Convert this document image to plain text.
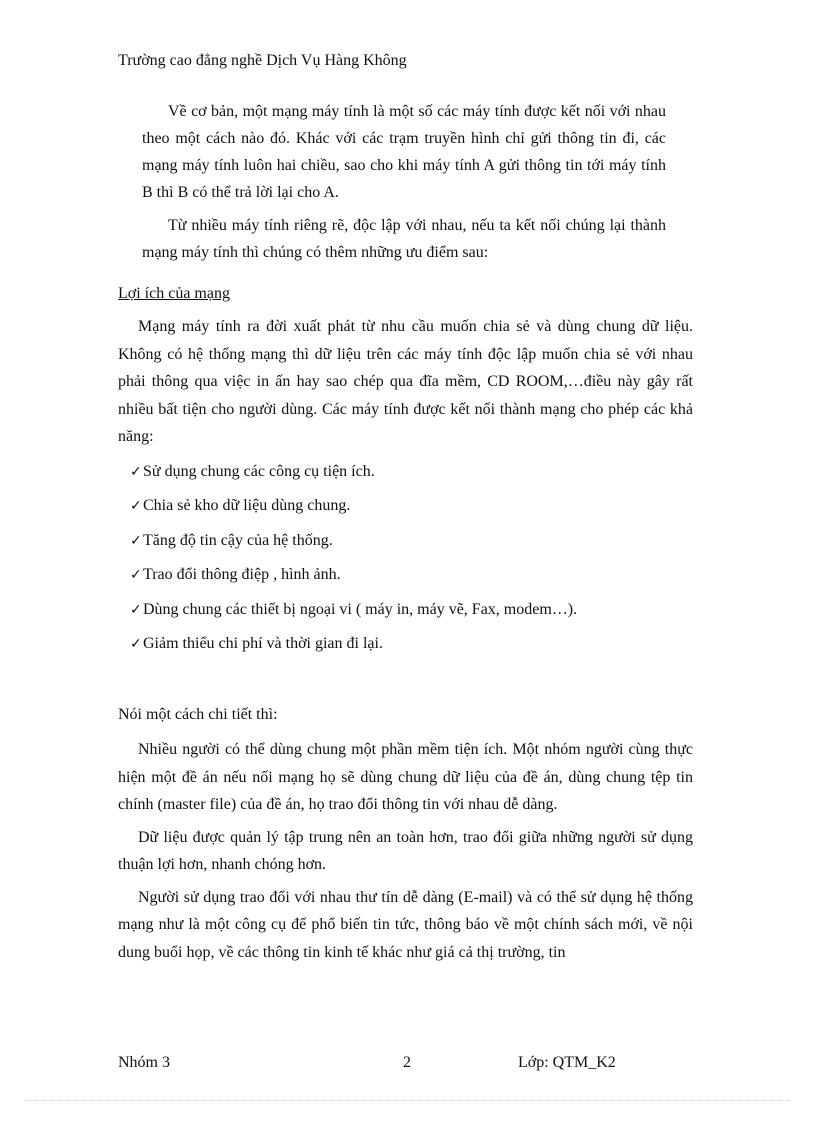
Trường cao đẳng nghề Dịch Vụ Hàng Không

Về cơ bản, một mạng máy tính là một số các máy tính được kết nối với nhau theo một cách nào đó. Khác với các trạm truyền hình chỉ gửi thông tin đi, các mạng máy tính luôn hai chiều, sao cho khi máy tính A gửi thông tin tới máy tính B thì B có thể trả lời lại cho A.

Từ nhiều máy tính riêng rẽ, độc lập với nhau, nếu ta kết nối chúng lại thành mạng máy tính thì chúng có thêm những ưu điểm sau:

Lợi ích của mạng

Mạng máy tính ra đời xuất phát từ nhu cầu muốn chia sẻ và dùng chung dữ liệu. Không có hệ thống mạng thì dữ liệu trên các máy tính độc lập muốn chia sẻ với nhau phải thông qua việc in ấn hay sao chép qua đĩa mềm, CD ROOM,…điều này gây rất nhiều bất tiện cho người dùng. Các máy tính được kết nối thành mạng cho phép các khả năng:

✓Sử dụng chung các công cụ tiện ích.
✓Chia sẻ kho dữ liệu dùng chung.
✓Tăng độ tin cậy của hệ thống.
✓Trao đổi thông điệp , hình ảnh.
✓Dùng chung các thiết bị ngoại vi ( máy in, máy vẽ, Fax, modem…).
✓Giảm thiểu chi phí và thời gian đi lại.
Nói một cách chi tiết thì:

Nhiều người có thể dùng chung một phần mềm tiện ích. Một nhóm người cùng thực hiện một đề án nếu nối mạng họ sẽ dùng chung dữ liệu của đề án, dùng chung tệp tin chính (master file) của đề án, họ trao đổi thông tin với nhau dễ dàng.

Dữ liệu được quản lý tập trung nên an toàn hơn, trao đổi giữa những người sử dụng thuận lợi hơn, nhanh chóng hơn.

Người sử dụng trao đổi với nhau thư tín dễ dàng (E-mail) và có thể sử dụng hệ thống mạng như là một công cụ để phổ biến tin tức, thông báo về một chính sách mới, về nội dung buổi họp, về các thông tin kinh tế khác như giá cả thị trường, tin

Nhóm 3	2	Lớp: QTM_K2
